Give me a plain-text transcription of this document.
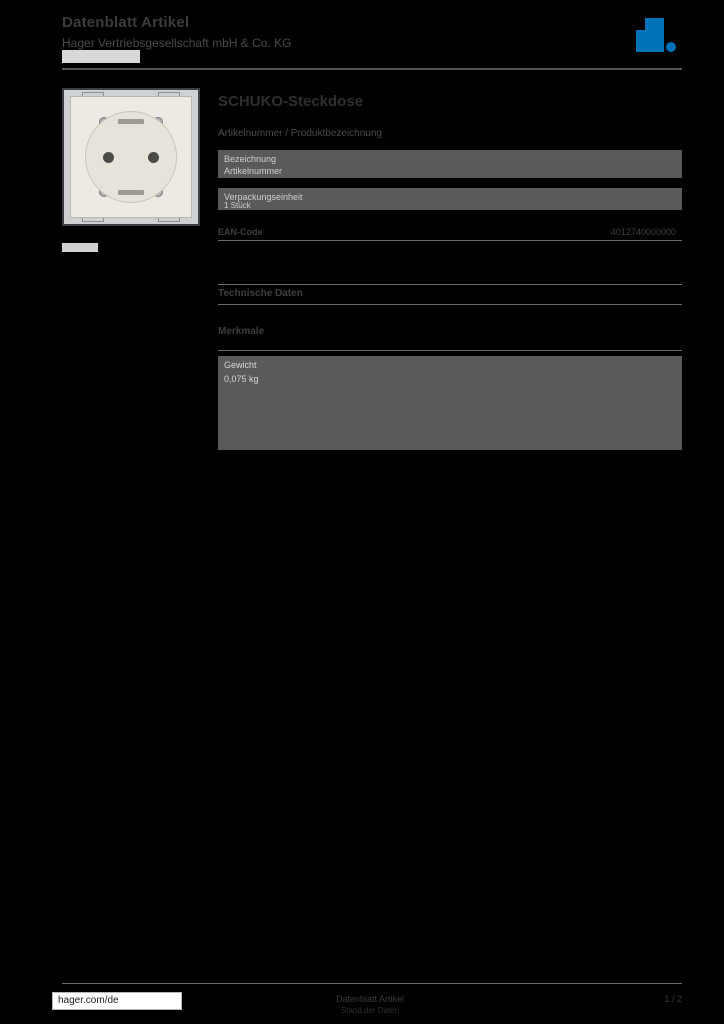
Datenblatt Artikel
Hager Vertriebsgesellschaft mbH & Co. KG
SCHUKO-Steckdose
Artikelnummer / Produktbezeichnung
Bezeichnung
Artikelnummer
Verpackungseinheit
1 Stück
EAN-Code	4012740000000
Technische Daten
Merkmale
Gewicht
0,075 kg
hager.com/de	Datenblatt Artikel
Stand der Daten
1 / 2
